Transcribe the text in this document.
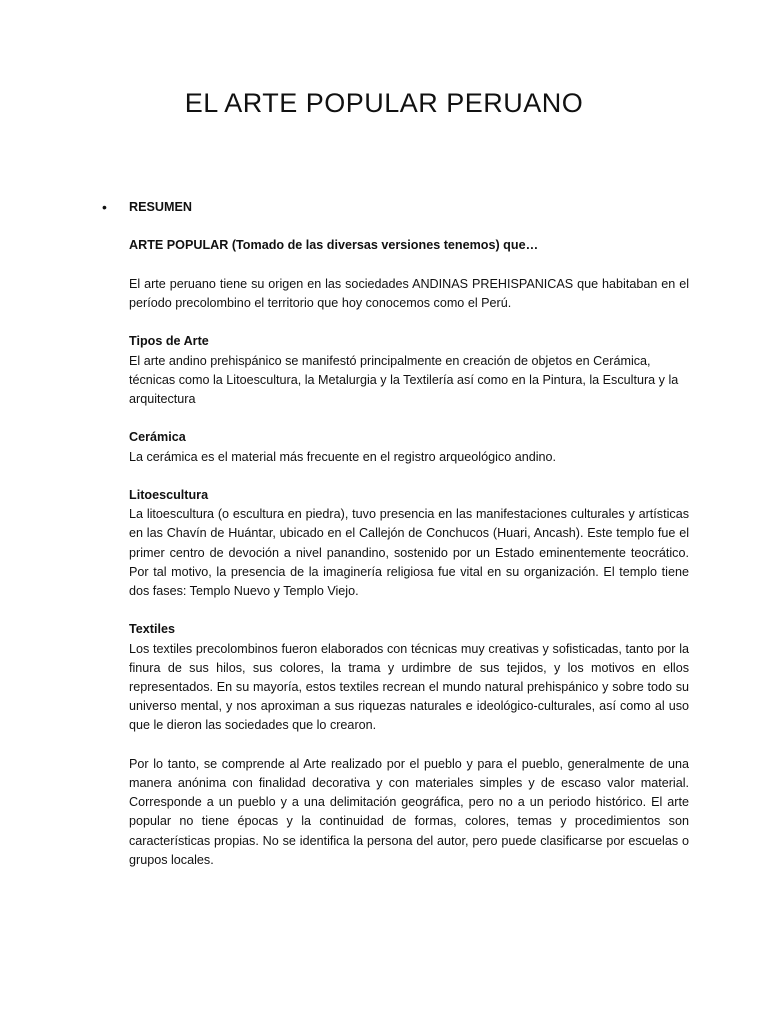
EL ARTE POPULAR PERUANO
• RESUMEN

ARTE POPULAR (Tomado de las diversas versiones tenemos) que…

El arte peruano tiene su origen en las sociedades ANDINAS PREHISPANICAS que habitaban en el período precolombino el territorio que hoy conocemos como el Perú.

Tipos de Arte

El arte andino prehispánico se manifestó principalmente en creación de objetos en Cerámica, técnicas como la Litoescultura, la Metalurgia y la Textilería así como en la Pintura, la Escultura y la arquitectura

Cerámica

La cerámica es el material más frecuente en el registro arqueológico andino.

Litoescultura

La litoescultura (o escultura en piedra), tuvo presencia en las manifestaciones culturales y artísticas en las Chavín de Huántar, ubicado en el Callejón de Conchucos (Huari, Ancash). Este templo fue el primer centro de devoción a nivel panandino, sostenido por un Estado eminentemente teocrático. Por tal motivo, la presencia de la imaginería religiosa fue vital en su organización. El templo tiene dos fases: Templo Nuevo y Templo Viejo.

Textiles

Los textiles precolombinos fueron elaborados con técnicas muy creativas y sofisticadas, tanto por la finura de sus hilos, sus colores, la trama y urdimbre de sus tejidos, y los motivos en ellos representados. En su mayoría, estos textiles recrean el mundo natural prehispánico y sobre todo su universo mental, y nos aproximan a sus riquezas naturales e ideológico-culturales, así como al uso que le dieron las sociedades que lo crearon.

Por lo tanto, se comprende al Arte realizado por el pueblo y para el pueblo, generalmente de una manera anónima con finalidad decorativa y con materiales simples y de escaso valor material. Corresponde a un pueblo y a una delimitación geográfica, pero no a un periodo histórico. El arte popular no tiene épocas y la continuidad de formas, colores, temas y procedimientos son características propias. No se identifica la persona del autor, pero puede clasificarse por escuelas o grupos locales.
